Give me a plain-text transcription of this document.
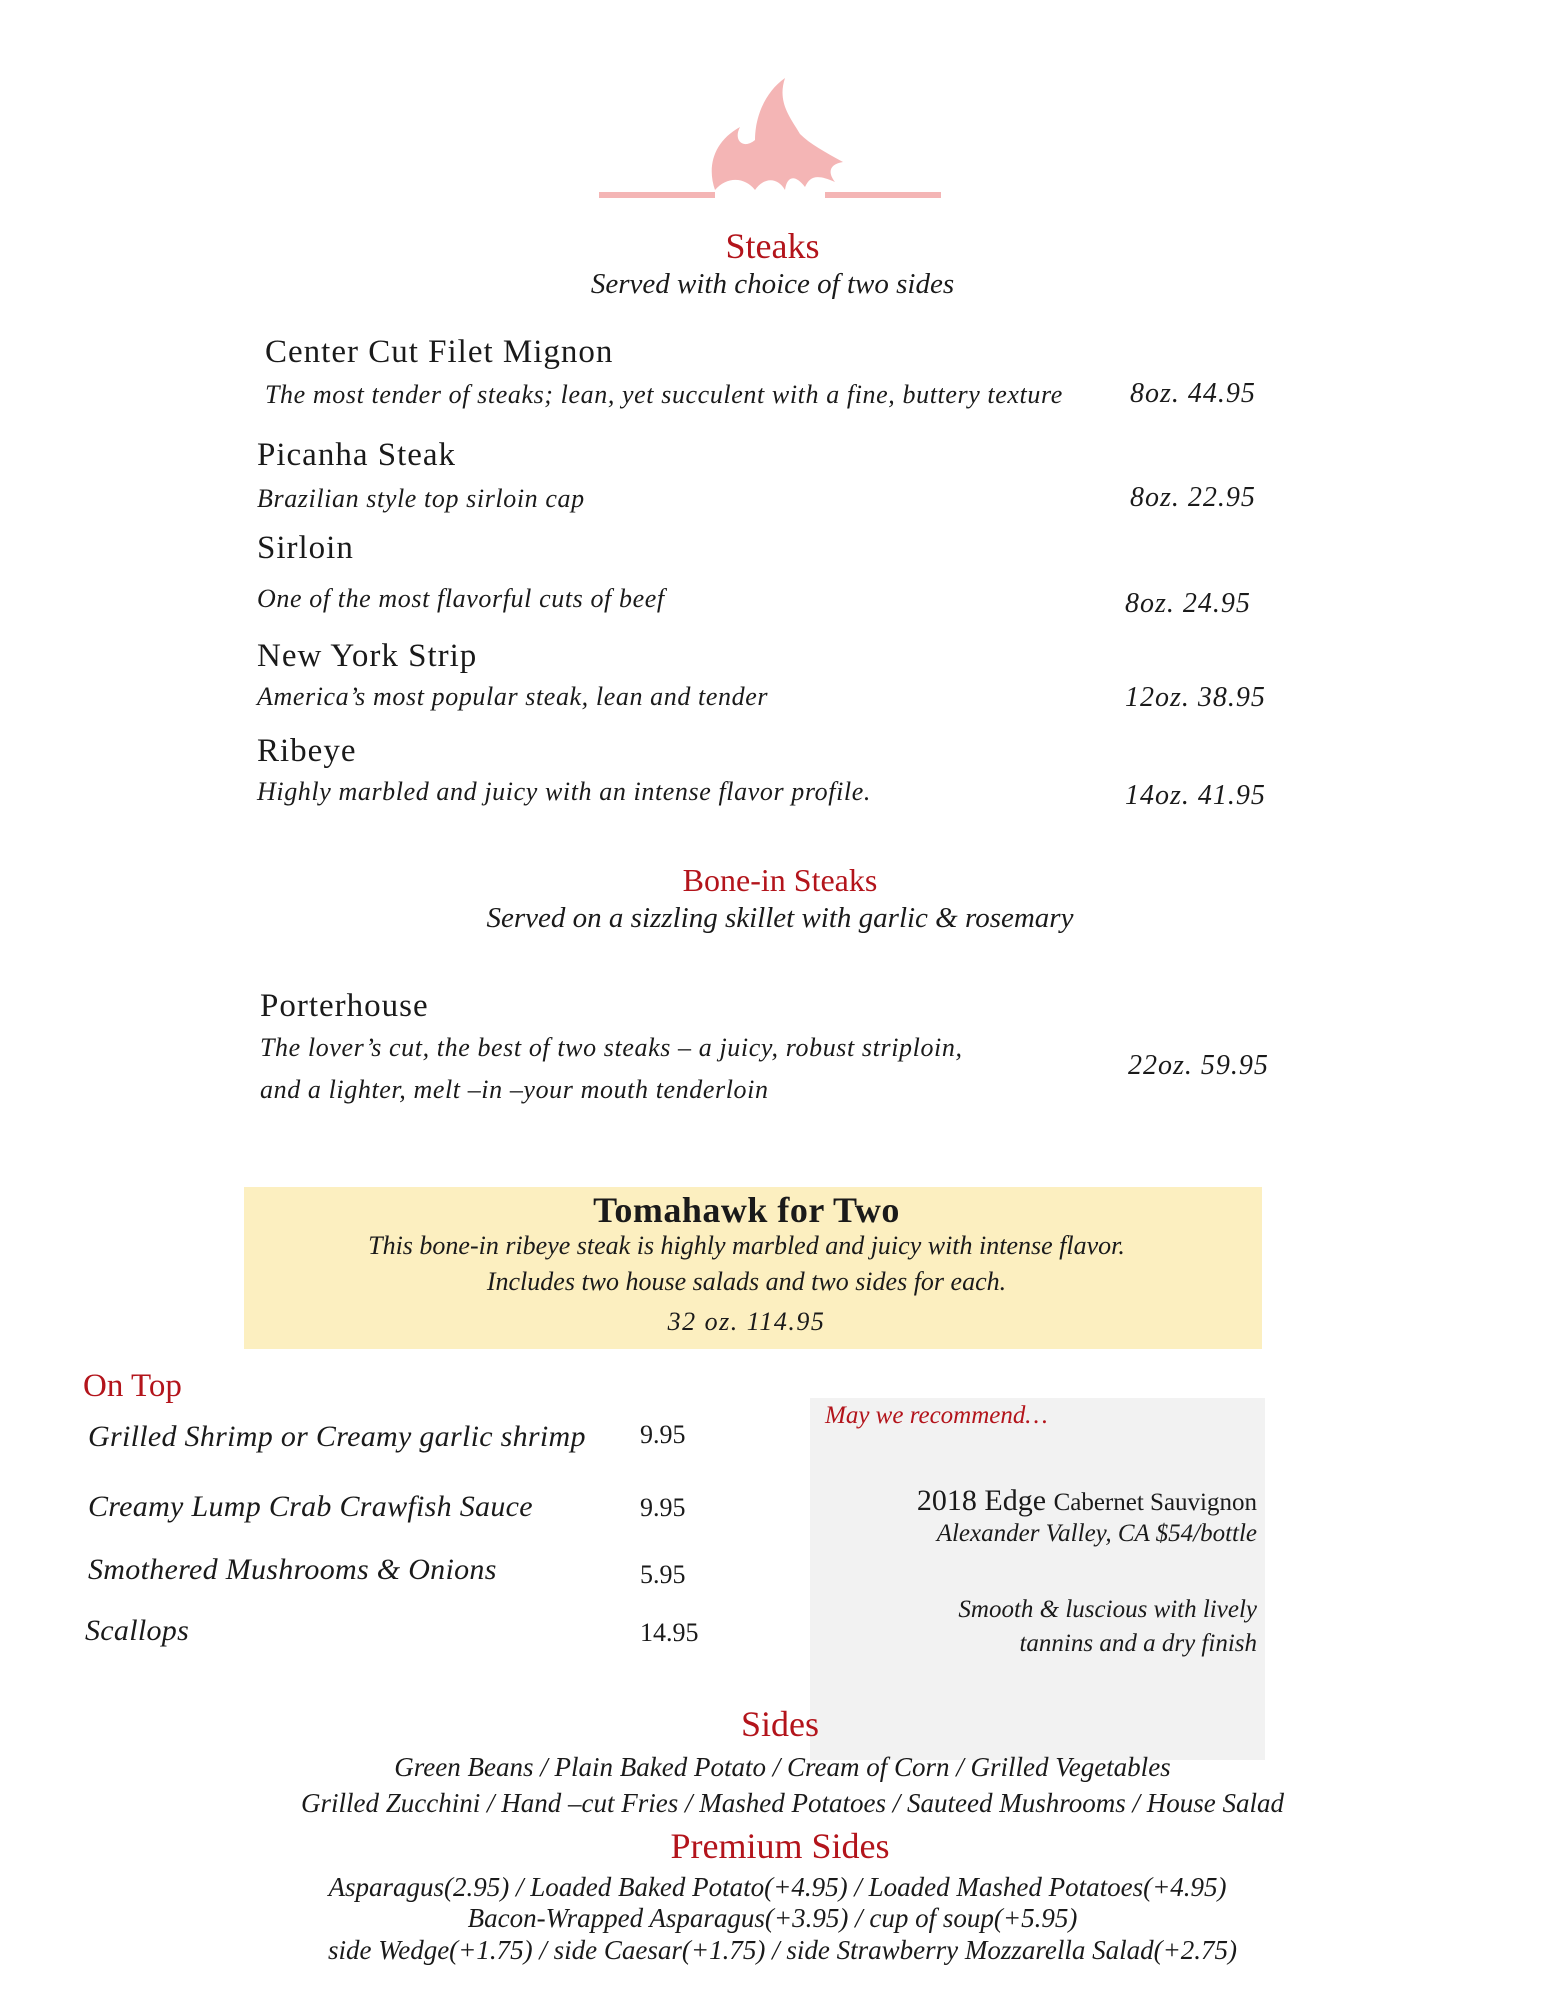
Steaks
Served with choice of two sides
Center Cut Filet Mignon
The most tender of steaks; lean, yet succulent with a fine, buttery texture 8oz. 44.95
Picanha Steak
Brazilian style top sirloin cap	8oz. 22.95
Sirloin
One of the most flavorful cuts of beef	8oz. 24.95
New York Strip
America’s most popular steak, lean and tender	12oz. 38.95
Ribeye
Highly marbled and juicy with an intense flavor profile.	14oz. 41.95
Bone-in Steaks
Served on a sizzling skillet with garlic & rosemary
Porterhouse
The lover’s cut, the best of two steaks – a juicy, robust striploin,
and a lighter, melt –in –your mouth tenderloin
22oz. 59.95
Tomahawk for Two
This bone-in ribeye steak is highly marbled and juicy with intense flavor.
Includes two house salads and two sides for each.
32 oz. 114.95
On Top
Grilled Shrimp or Creamy garlic shrimp 9.95
Creamy Lump Crab Crawfish Sauce	9.95
Smothered Mushrooms & Onions	5.95
Scallops	14.95
May we recommend…
2018 Edge Cabernet Sauvignon
Alexander Valley, CA $54/bottle
Smooth & luscious with lively
tannins and a dry finish
Sides
Green Beans / Plain Baked Potato / Cream of Corn / Grilled Vegetables
Grilled Zucchini / Hand –cut Fries / Mashed Potatoes / Sauteed Mushrooms / House Salad
Premium Sides
Asparagus(2.95) / Loaded Baked Potato(+4.95) / Loaded Mashed Potatoes(+4.95)
Bacon-Wrapped Asparagus(+3.95) / cup of soup(+5.95)
side Wedge(+1.75) / side Caesar(+1.75) / side Strawberry Mozzarella Salad(+2.75)
